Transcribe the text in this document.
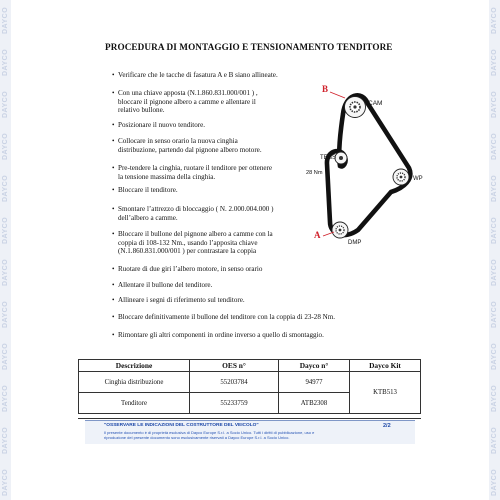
DAYCO
DAYCO
DAYCO
DAYCO
DAYCO
DAYCO
DAYCO
DAYCO
DAYCO
DAYCO
DAYCO
DAYCO
DAYCO
DAYCO
DAYCO
DAYCO
DAYCO
DAYCO
DAYCO
DAYCO
DAYCO
DAYCO
DAYCO
DAYCO
PROCEDURA DI MONTAGGIO E TENSIONAMENTO TENDITORE
• Verificare che le tacche di fasatura A e B siano allineate.
• Con una chiave apposta (N.1.860.831.000/001 ) ,
bloccare il pignone albero a camme e allentare il
relativo bullone.
• Posizionare il nuovo tenditore.
• Collocare in senso orario la nuova cinghia
distribuzione, partendo dal pignone albero motore.
• Pre-tendere la cinghia, ruotare il tenditore per ottenere
la tensione massima della cinghia.
• Bloccare il tenditore.
• Smontare l’attrezzo di bloccaggio ( N. 2.000.004.000 )
dell’albero a camme.
• Bloccare il bullone del pignone albero a camme con la
coppia di 108-132 Nm., usando l’apposita chiave
(N.1.860.831.000/001 ) per contrastare la coppia
• Ruotare di due giri l’albero motore, in senso orario
• Allentare il bullone del tenditore.
• Allineare i segni di riferimento sul tenditore.
• Bloccare definitivamente il bullone del tenditore con la coppia di 23-28 Nm.
• Rimontare gli altri componenti in ordine inverso a quello di smontaggio.
B
CAM
TENS
28 Nm
WP
A
DMP
Descrizione	OES n°	Dayco n°	Dayco Kit
Cinghia distribuzione	55203784	94977	KTB513
Tenditore	55233759	ATB2308	
"OSSERVARE LE INDICAZIONI DEL COSTRUTTORE DEL VEICOLO"
Il presente documento è di proprietà esclusiva di Dayco Europe S.r.l. a Socio Unico. Tutti i diritti di pubblicazione, uso e
riproduzione del presente documento sono esclusivamente riservati a Dayco Europe S.r.l. a Socio Unico.
2/2
